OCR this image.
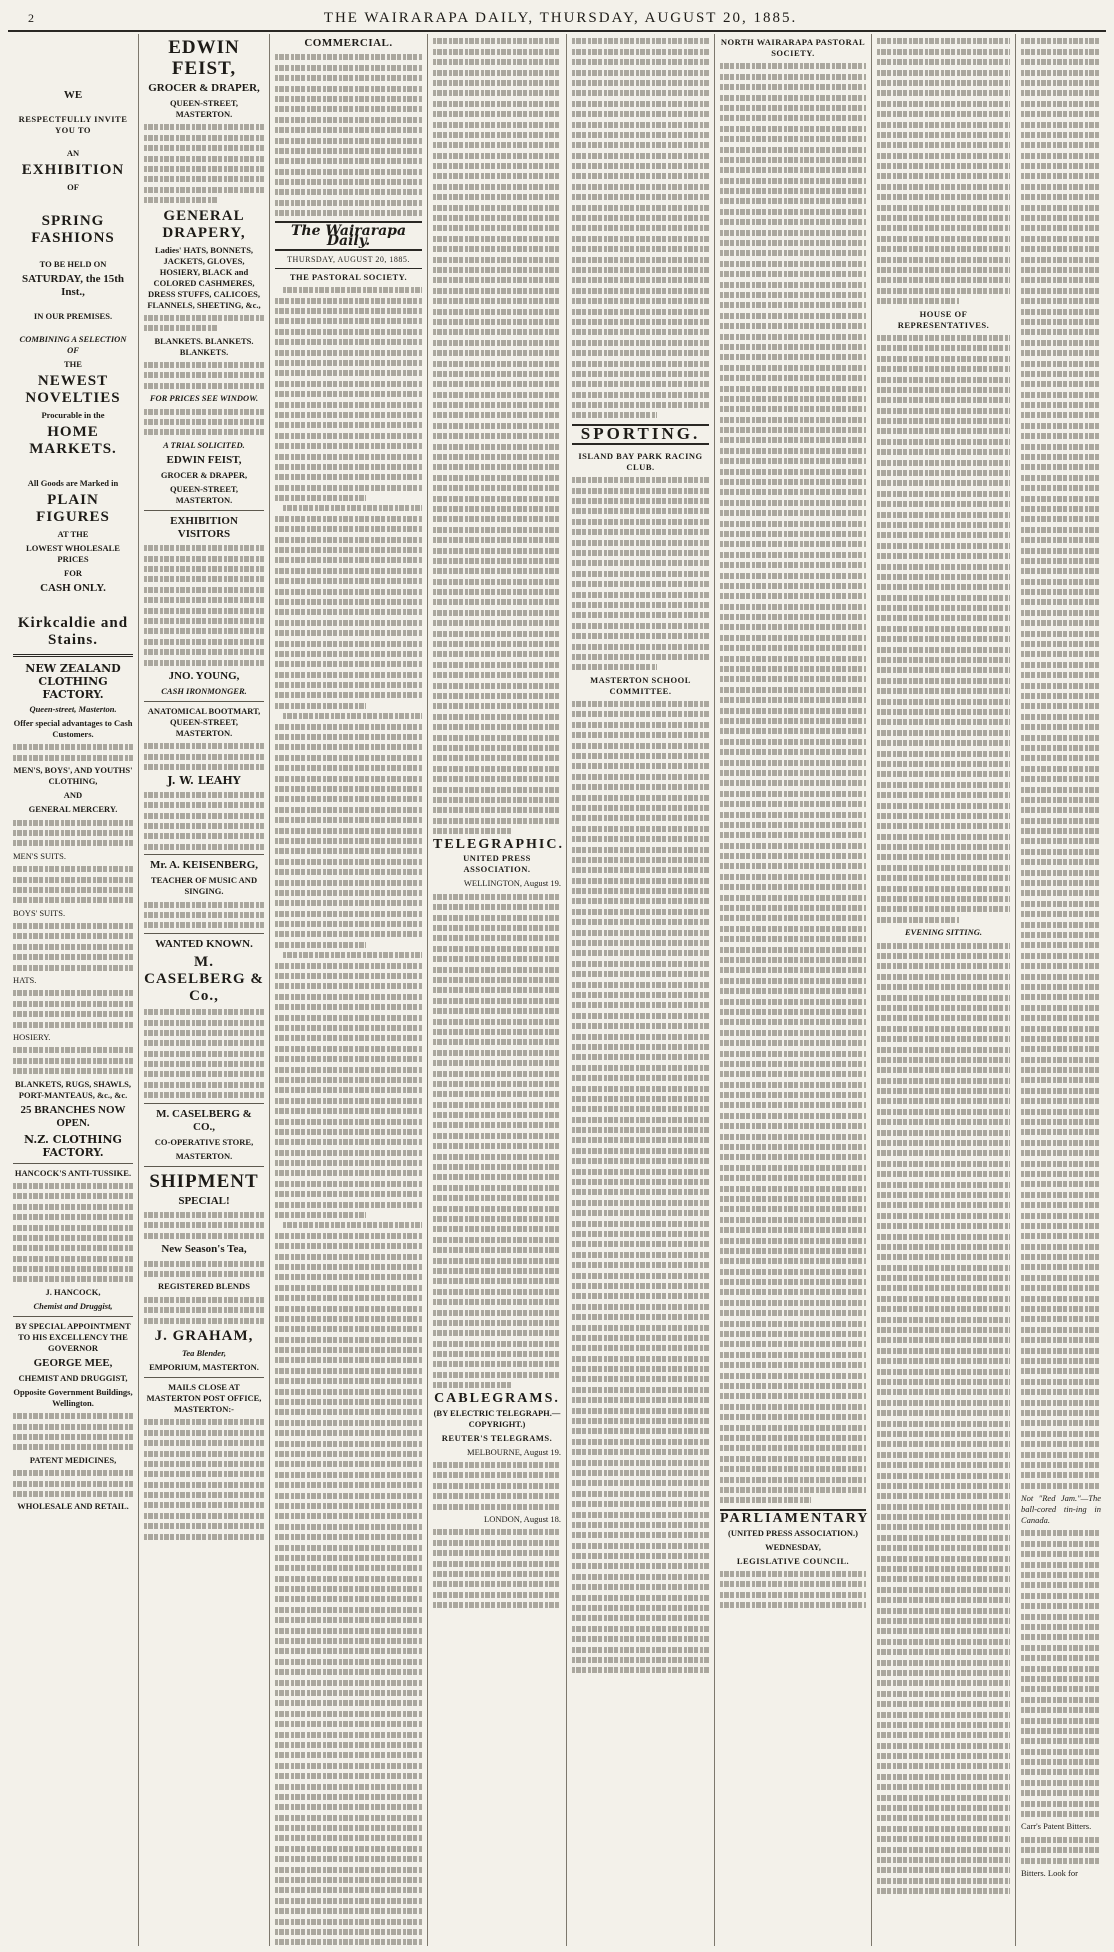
2	THE WAIRARAPA DAILY, THURSDAY, AUGUST 20, 1885.
WE
RESPECTFULLY INVITE YOU TO
AN
EXHIBITION
OF
SPRING FASHIONS
TO BE HELD ON
SATURDAY, the 15th Inst.,
IN OUR PREMISES.
COMBINING A SELECTION OF
THE
NEWEST NOVELTIES
Procurable in the
HOME MARKETS.
All Goods are Marked in
PLAIN FIGURES
AT THE
LOWEST WHOLESALE PRICES
FOR
CASH ONLY.
Kirkcaldie and Stains.
NEW ZEALAND CLOTHING FACTORY.
Queen-street, Masterton.
Offer special advantages to Cash Customers.
MEN'S, BOYS', AND YOUTHS' CLOTHING,
AND
GENERAL MERCERY.
MEN'S SUITS.
BOYS' SUITS.
HATS.
HOSIERY.
BLANKETS, RUGS, SHAWLS, PORT-MANTEAUS, &c., &c.
25 BRANCHES NOW OPEN.
N.Z. CLOTHING FACTORY.
HANCOCK'S ANTI-TUSSIKE.
J. HANCOCK,
Chemist and Druggist,
BY SPECIAL APPOINTMENT TO HIS EXCELLENCY THE GOVERNOR
GEORGE MEE,
CHEMIST AND DRUGGIST,
Opposite Government Buildings, Wellington.
PATENT MEDICINES,
WHOLESALE AND RETAIL.
EDWIN FEIST,
GROCER & DRAPER,
QUEEN-STREET, MASTERTON.
GENERAL DRAPERY,
Ladies' HATS, BONNETS, JACKETS, GLOVES, HOSIERY, BLACK and COLORED CASHMERES, DRESS STUFFS, CALICOES, FLANNELS, SHEETING, &c.,
BLANKETS. BLANKETS. BLANKETS.
FOR PRICES SEE WINDOW.
A TRIAL SOLICITED.
EDWIN FEIST,
GROCER & DRAPER,
QUEEN-STREET, MASTERTON.
EXHIBITION VISITORS
JNO. YOUNG,
CASH IRONMONGER.
ANATOMICAL BOOTMART, QUEEN-STREET, MASTERTON.
J. W. LEAHY
Mr. A. KEISENBERG,
TEACHER OF MUSIC AND SINGING.
WANTED KNOWN.
M. CASELBERG & Co.,
M. CASELBERG & CO.,
CO-OPERATIVE STORE,
MASTERTON.
SHIPMENT
SPECIAL!
New Season's Tea,
REGISTERED BLENDS
J. GRAHAM,
Tea Blender,
EMPORIUM, MASTERTON.
MAILS CLOSE AT MASTERTON POST OFFICE, MASTERTON:-
COMMERCIAL.
The Wairarapa Daily.
THURSDAY, AUGUST 20, 1885.
THE PASTORAL SOCIETY.
TELEGRAPHIC.
UNITED PRESS ASSOCIATION.
WELLINGTON, August 19.
CABLEGRAMS.
(BY ELECTRIC TELEGRAPH.—COPYRIGHT.)
REUTER'S TELEGRAMS.
MELBOURNE, August 19.
LONDON, August 18.
SPORTING.
ISLAND BAY PARK RACING CLUB.
MASTERTON SCHOOL COMMITTEE.
NORTH WAIRARAPA PASTORAL SOCIETY.
PARLIAMENTARY
(UNITED PRESS ASSOCIATION.)
WEDNESDAY,
LEGISLATIVE COUNCIL.
HOUSE OF REPRESENTATIVES.
EVENING SITTING.
Not "Red Jam."—The ball-cored tin-ing in Canada.
Carr's Patent Bitters.
Bitters. Look for
